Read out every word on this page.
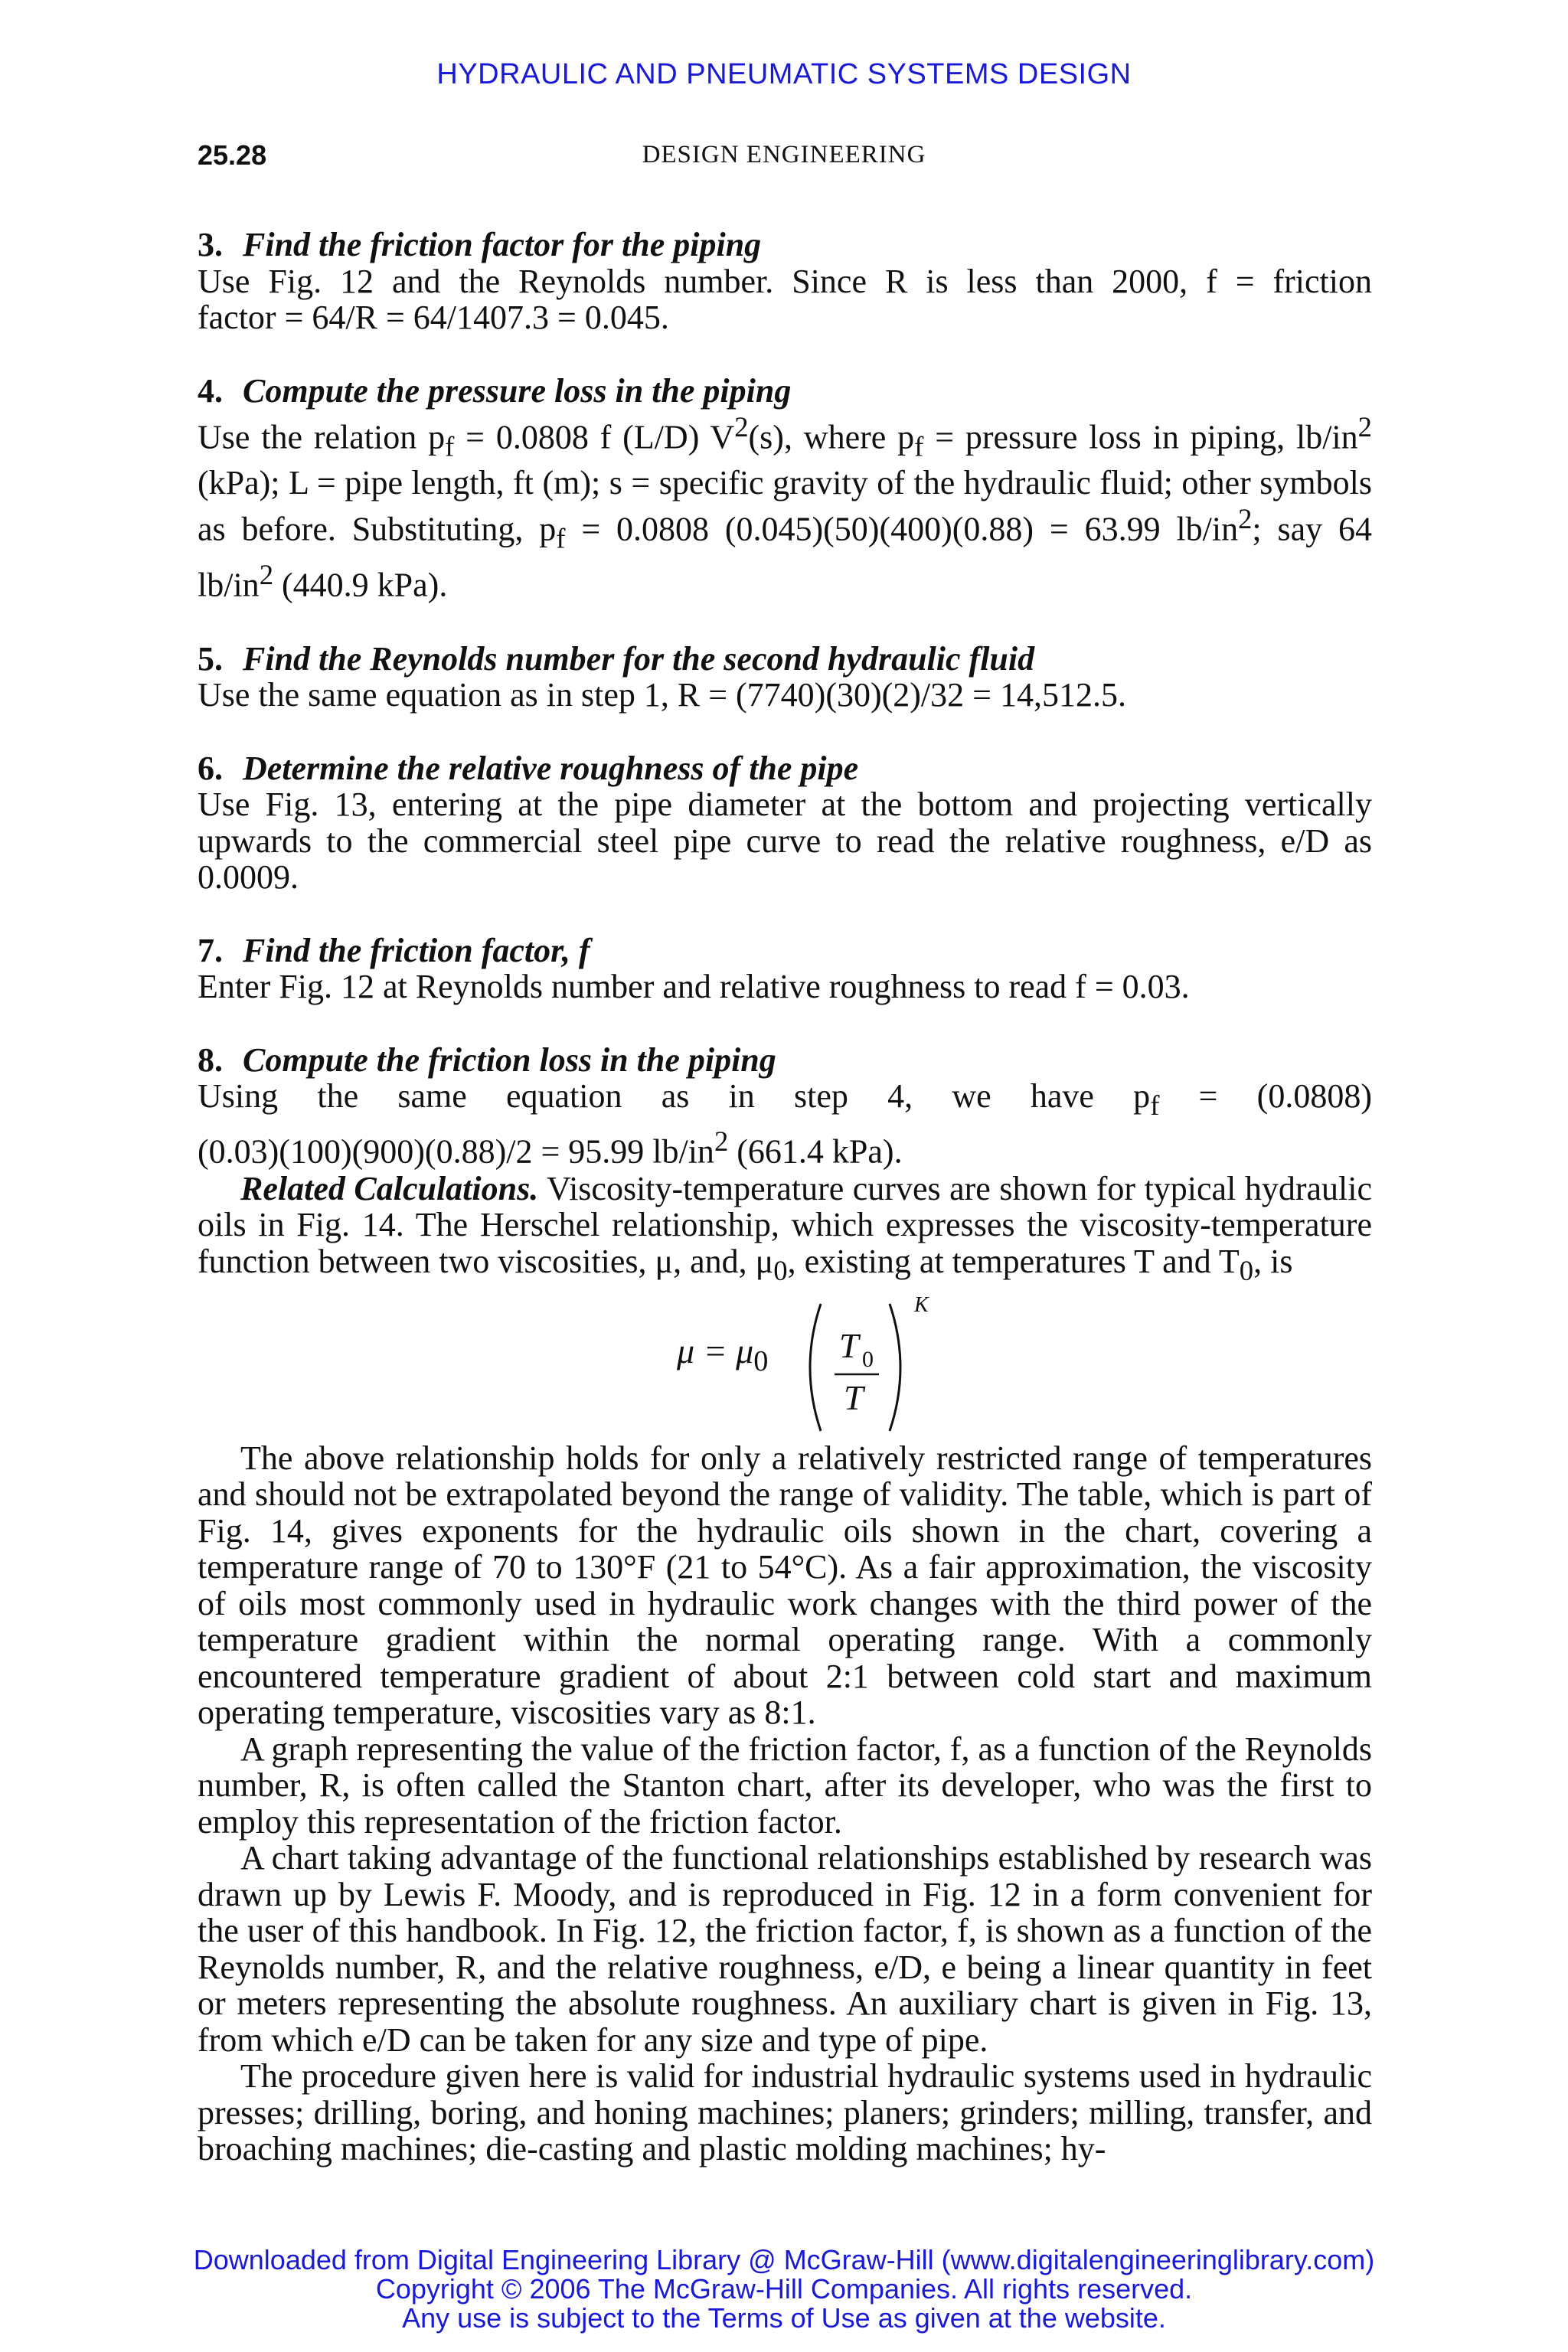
HYDRAULIC AND PNEUMATIC SYSTEMS DESIGN
25.28	DESIGN ENGINEERING
3. Find the friction factor for the piping
Use Fig. 12 and the Reynolds number. Since R is less than 2000, f = friction
factor = 64/R = 64/1407.3 = 0.045.
4. Compute the pressure loss in the piping
Use the relation $p_f = 0.0808$ f (L/D) $V^2(s)$, where $p_f$ = pressure loss in piping, $lb/in^2$ (kPa); L = pipe length, ft (m); s = specific gravity of the hydraulic fluid; other symbols as before. Substituting, $p_f = 0.0808$ (0.045)(50)(400)(0.88) = 63.99 $lb/in^2$; say 64 $lb/in^2$ (440.9 kPa).
5. Find the Reynolds number for the second hydraulic fluid
Use the same equation as in step 1, R = (7740)(30)(2)/32 = 14,512.5.
6. Determine the relative roughness of the pipe
Use Fig. 13, entering at the pipe diameter at the bottom and projecting vertically upwards to the commercial steel pipe curve to read the relative roughness, e/D as 0.0009.
7. Find the friction factor, f
Enter Fig. 12 at Reynolds number and relative roughness to read f = 0.03.
8. Compute the friction loss in the piping
Using the same equation as in step 4, we have $p_f = (0.0808)$
(0.03)(100)(900)(0.88)/2 = 95.99 $lb/in^2$ (661.4 kPa).
Related Calculations. Viscosity-temperature curves are shown for typical hydraulic oils in Fig. 14. The Herschel relationship, which expresses the viscosity-temperature function between two viscosities, μ, and, $\mu_0$, existing at temperatures T and $T_0$, is
$\mu = \mu_0$ T 0
T
K
The above relationship holds for only a relatively restricted range of temperatures and should not be extrapolated beyond the range of validity. The table, which is part of Fig. 14, gives exponents for the hydraulic oils shown in the chart, covering a temperature range of 70 to 130°F (21 to 54°C). As a fair approximation, the viscosity of oils most commonly used in hydraulic work changes with the third power of the temperature gradient within the normal operating range. With a commonly encountered temperature gradient of about 2:1 between cold start and maximum operating temperature, viscosities vary as 8:1.
A graph representing the value of the friction factor, f, as a function of the Reynolds number, R, is often called the Stanton chart, after its developer, who was the first to employ this representation of the friction factor.
A chart taking advantage of the functional relationships established by research was drawn up by Lewis F. Moody, and is reproduced in Fig. 12 in a form convenient for the user of this handbook. In Fig. 12, the friction factor, f, is shown as a function of the Reynolds number, R, and the relative roughness, e/D, e being a linear quantity in feet or meters representing the absolute roughness. An auxiliary chart is given in Fig. 13, from which e/D can be taken for any size and type of pipe.
The procedure given here is valid for industrial hydraulic systems used in hydraulic presses; drilling, boring, and honing machines; planers; grinders; milling, transfer, and broaching machines; die-casting and plastic molding machines; hy-
Downloaded from Digital Engineering Library @ McGraw-Hill (www.digitalengineeringlibrary.com)
Copyright © 2006 The McGraw-Hill Companies. All rights reserved.
Any use is subject to the Terms of Use as given at the website.
